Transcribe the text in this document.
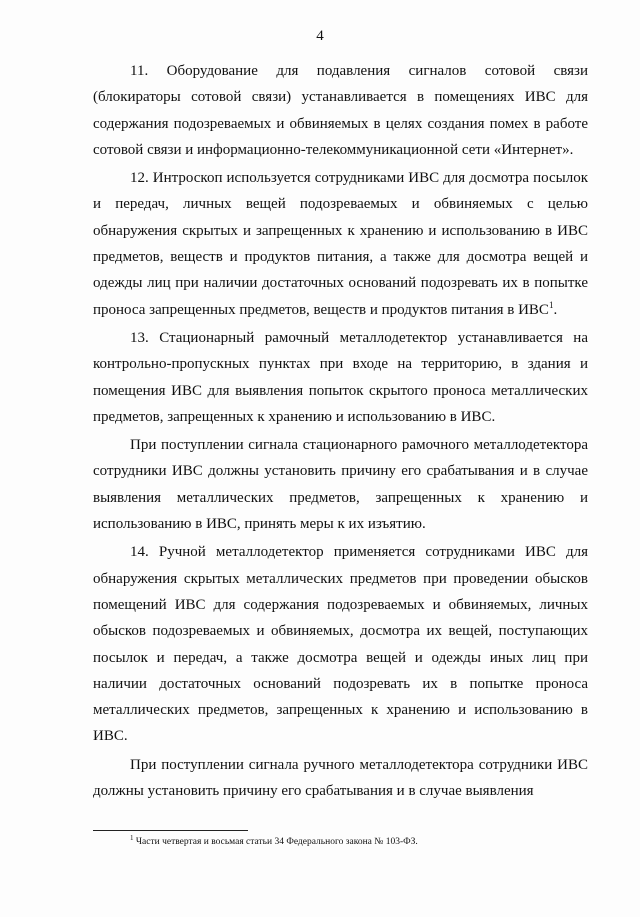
4

11. Оборудование для подавления сигналов сотовой связи (блокираторы сотовой связи) устанавливается в помещениях ИВС для содержания подозреваемых и обвиняемых в целях создания помех в работе сотовой связи и информационно-телекоммуникационной сети «Интернет».

12. Интроскоп используется сотрудниками ИВС для досмотра посылок и передач, личных вещей подозреваемых и обвиняемых с целью обнаружения скрытых и запрещенных к хранению и использованию в ИВС предметов, веществ и продуктов питания, а также для досмотра вещей и одежды лиц при наличии достаточных оснований подозревать их в попытке проноса запрещенных предметов, веществ и продуктов питания в ИВС$^1$.

13. Стационарный рамочный металлодетектор устанавливается на контрольно-пропускных пунктах при входе на территорию, в здания и помещения ИВС для выявления попыток скрытого проноса металлических предметов, запрещенных к хранению и использованию в ИВС.

При поступлении сигнала стационарного рамочного металлодетектора сотрудники ИВС должны установить причину его срабатывания и в случае выявления металлических предметов, запрещенных к хранению и использованию в ИВС, принять меры к их изъятию.

14. Ручной металлодетектор применяется сотрудниками ИВС для обнаружения скрытых металлических предметов при проведении обысков помещений ИВС для содержания подозреваемых и обвиняемых, личных обысков подозреваемых и обвиняемых, досмотра их вещей, поступающих посылок и передач, а также досмотра вещей и одежды иных лиц при наличии достаточных оснований подозревать их в попытке проноса металлических предметов, запрещенных к хранению и использованию в ИВС.

При поступлении сигнала ручного металлодетектора сотрудники ИВС должны установить причину его срабатывания и в случае выявления

$^1$ Части четвертая и восьмая статьи 34 Федерального закона № 103-ФЗ.
